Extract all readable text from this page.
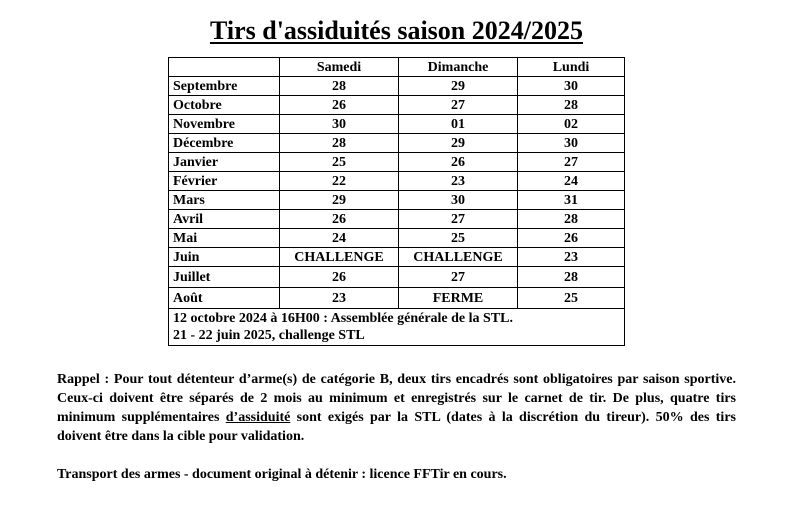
Tirs d'assiduités saison 2024/2025
	Samedi	Dimanche	Lundi
Septembre	28	29	30
Octobre	26	27	28
Novembre	30	01	02
Décembre	28	29	30
Janvier	25	26	27
Février	22	23	24
Mars	29	30	31
Avril	26	27	28
Mai	24	25	26
Juin	CHALLENGE	CHALLENGE	23
Juillet	26	27	28
Août	23	FERME	25

12 octobre 2024 à 16H00 : Assemblée générale de la STL.
21 - 22 juin 2025, challenge STL			
Rappel : Pour tout détenteur d’arme(s) de catégorie B, deux tirs encadrés sont obligatoires par saison sportive. Ceux-ci doivent être séparés de 2 mois au minimum et enregistrés sur le carnet de tir. De plus, quatre tirs minimum supplémentaires d’assiduité sont exigés par la STL (dates à la discrétion du tireur). 50% des tirs doivent être dans la cible pour validation.
Transport des armes - document original à détenir : licence FFTir en cours.
